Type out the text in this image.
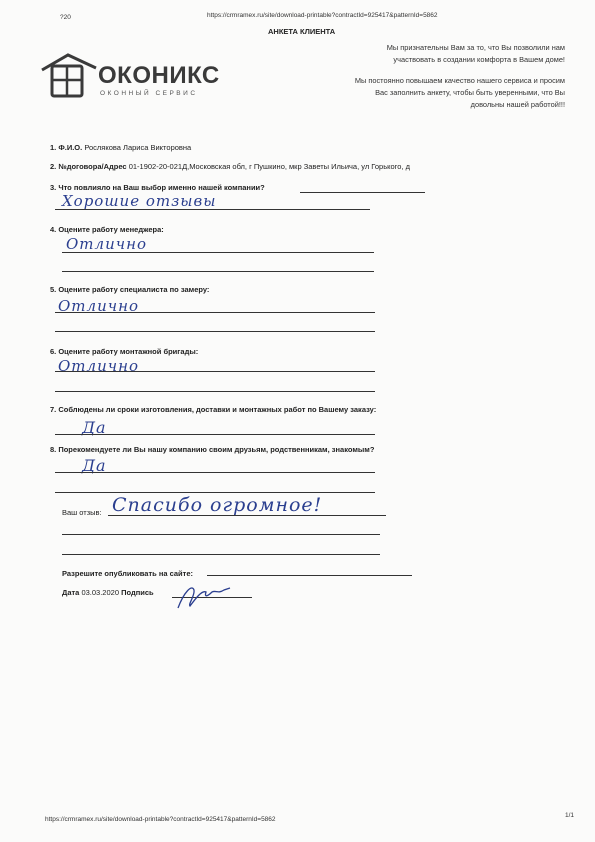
?20	https://crmramex.ru/site/download-printable?contractId=925417&patternId=5862
АНКЕТА КЛИЕНТА
ОКОНИКС
ОКОННЫЙ СЕРВИС
Мы признательны Вам за то, что Вы позволили нам
участвовать в создании комфорта в Вашем доме!
Мы постоянно повышаем качество нашего сервиса и просим
Вас заполнить анкету, чтобы быть уверенными, что Вы
довольны нашей работой!!!
1. Ф.И.О. Рослякова Лариса Викторовна
2. №договора/Адрес 01-1902-20-021Д,Московская обл, г Пушкино, мкр Заветы Ильича, ул Горького, д
3. Что повлияло на Ваш выбор именно нашей компании?
Хорошие отзывы
4. Оцените работу менеджера:
Отлично
5. Оцените работу специалиста по замеру:
Отлично
6. Оцените работу монтажной бригады:
Отлично
7. Соблюдены ли сроки изготовления, доставки и монтажных работ по Вашему заказу:
Да
8. Порекомендуете ли Вы нашу компанию своим друзьям, родственникам, знакомым?
Да
Ваш отзыв: Спасибо огромное!
Разрешите опубликовать на сайте:
Дата 03.03.2020 Подпись
https://crmramex.ru/site/download-printable?contractId=925417&patternId=5862
1/1
